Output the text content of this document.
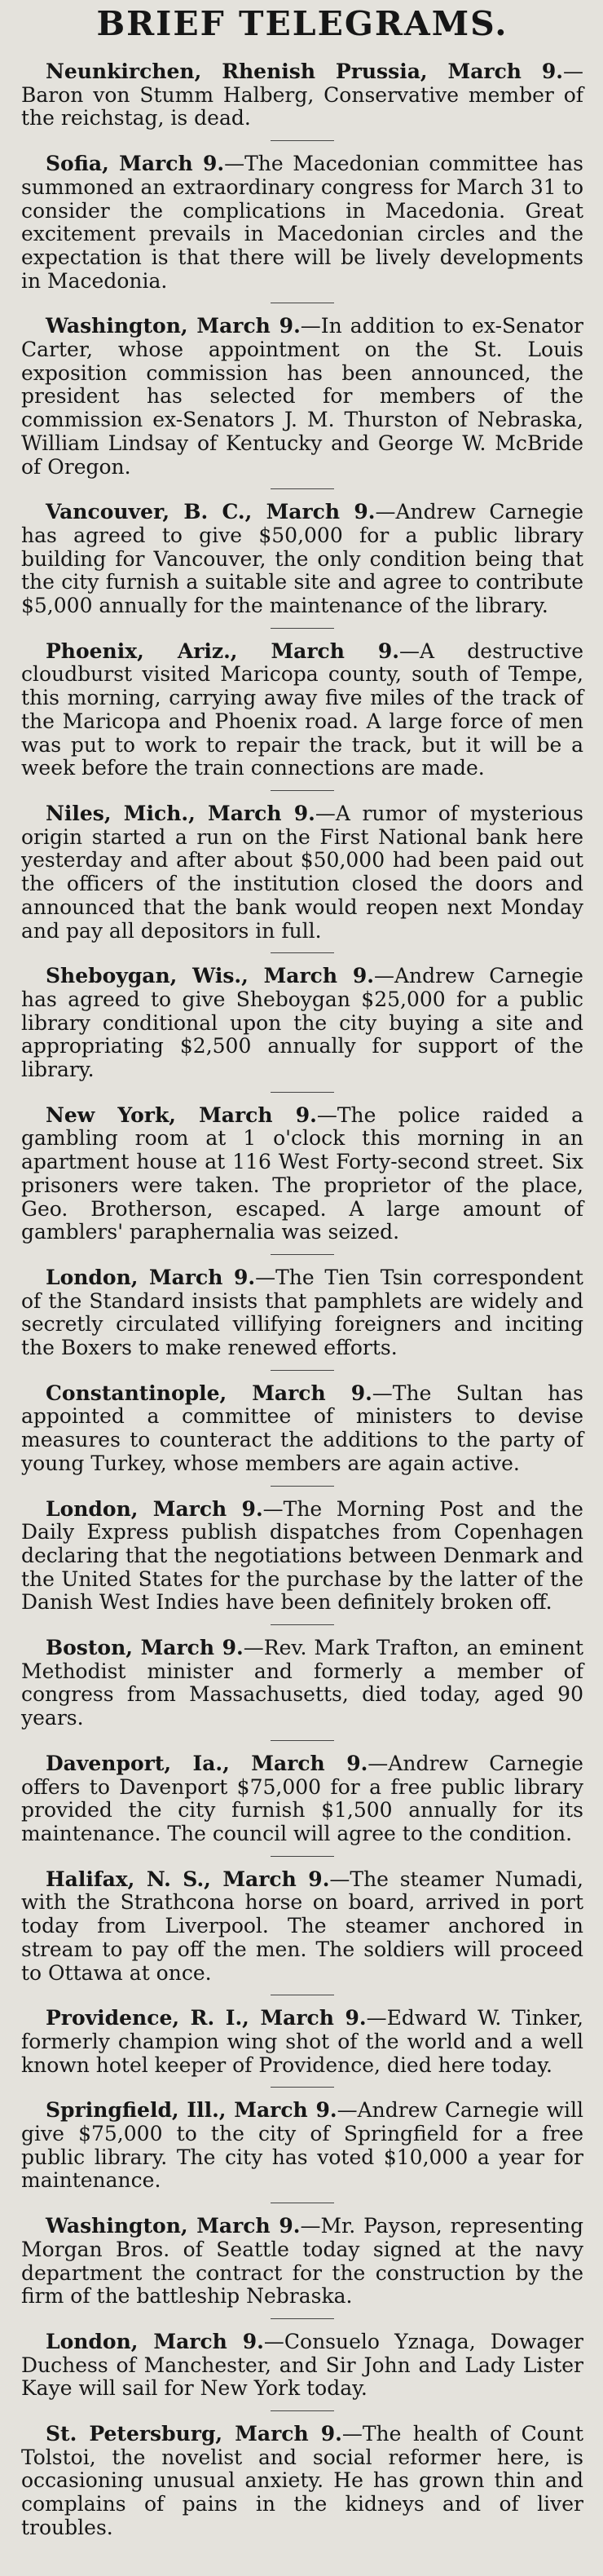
BRIEF TELEGRAMS.
Neunkirchen, Rhenish Prussia, March 9.—Baron von Stumm Halberg, Conservative member of the reichstag, is dead.
Sofia, March 9.—The Macedonian committee has summoned an extraordinary congress for March 31 to consider the complications in Macedonia. Great excitement prevails in Macedonian circles and the expectation is that there will be lively developments in Macedonia.
Washington, March 9.—In addition to ex-Senator Carter, whose appointment on the St. Louis exposition commission has been announced, the president has selected for members of the commission ex-Senators J. M. Thurston of Nebraska, William Lindsay of Kentucky and George W. McBride of Oregon.
Vancouver, B. C., March 9.—Andrew Carnegie has agreed to give $50,000 for a public library building for Vancouver, the only condition being that the city furnish a suitable site and agree to contribute $5,000 annually for the maintenance of the library.
Phoenix, Ariz., March 9.—A destructive cloudburst visited Maricopa county, south of Tempe, this morning, carrying away five miles of the track of the Maricopa and Phoenix road. A large force of men was put to work to repair the track, but it will be a week before the train connections are made.
Niles, Mich., March 9.—A rumor of mysterious origin started a run on the First National bank here yesterday and after about $50,000 had been paid out the officers of the institution closed the doors and announced that the bank would reopen next Monday and pay all depositors in full.
Sheboygan, Wis., March 9.—Andrew Carnegie has agreed to give Sheboygan $25,000 for a public library conditional upon the city buying a site and appropriating $2,500 annually for support of the library.
New York, March 9.—The police raided a gambling room at 1 o'clock this morning in an apartment house at 116 West Forty-second street. Six prisoners were taken. The proprietor of the place, Geo. Brotherson, escaped. A large amount of gamblers' paraphernalia was seized.
London, March 9.—The Tien Tsin correspondent of the Standard insists that pamphlets are widely and secretly circulated villifying foreigners and inciting the Boxers to make renewed efforts.
Constantinople, March 9.—The Sultan has appointed a committee of ministers to devise measures to counteract the additions to the party of young Turkey, whose members are again active.
London, March 9.—The Morning Post and the Daily Express publish dispatches from Copenhagen declaring that the negotiations between Denmark and the United States for the purchase by the latter of the Danish West Indies have been definitely broken off.
Boston, March 9.—Rev. Mark Trafton, an eminent Methodist minister and formerly a member of congress from Massachusetts, died today, aged 90 years.
Davenport, Ia., March 9.—Andrew Carnegie offers to Davenport $75,000 for a free public library provided the city furnish $1,500 annually for its maintenance. The council will agree to the condition.
Halifax, N. S., March 9.—The steamer Numadi, with the Strathcona horse on board, arrived in port today from Liverpool. The steamer anchored in stream to pay off the men. The soldiers will proceed to Ottawa at once.
Providence, R. I., March 9.—Edward W. Tinker, formerly champion wing shot of the world and a well known hotel keeper of Providence, died here today.
Springfield, Ill., March 9.—Andrew Carnegie will give $75,000 to the city of Springfield for a free public library. The city has voted $10,000 a year for maintenance.
Washington, March 9.—Mr. Payson, representing Morgan Bros. of Seattle today signed at the navy department the contract for the construction by the firm of the battleship Nebraska.
London, March 9.—Consuelo Yznaga, Dowager Duchess of Manchester, and Sir John and Lady Lister Kaye will sail for New York today.
St. Petersburg, March 9.—The health of Count Tolstoi, the novelist and social reformer here, is occasioning unusual anxiety. He has grown thin and complains of pains in the kidneys and of liver troubles.
